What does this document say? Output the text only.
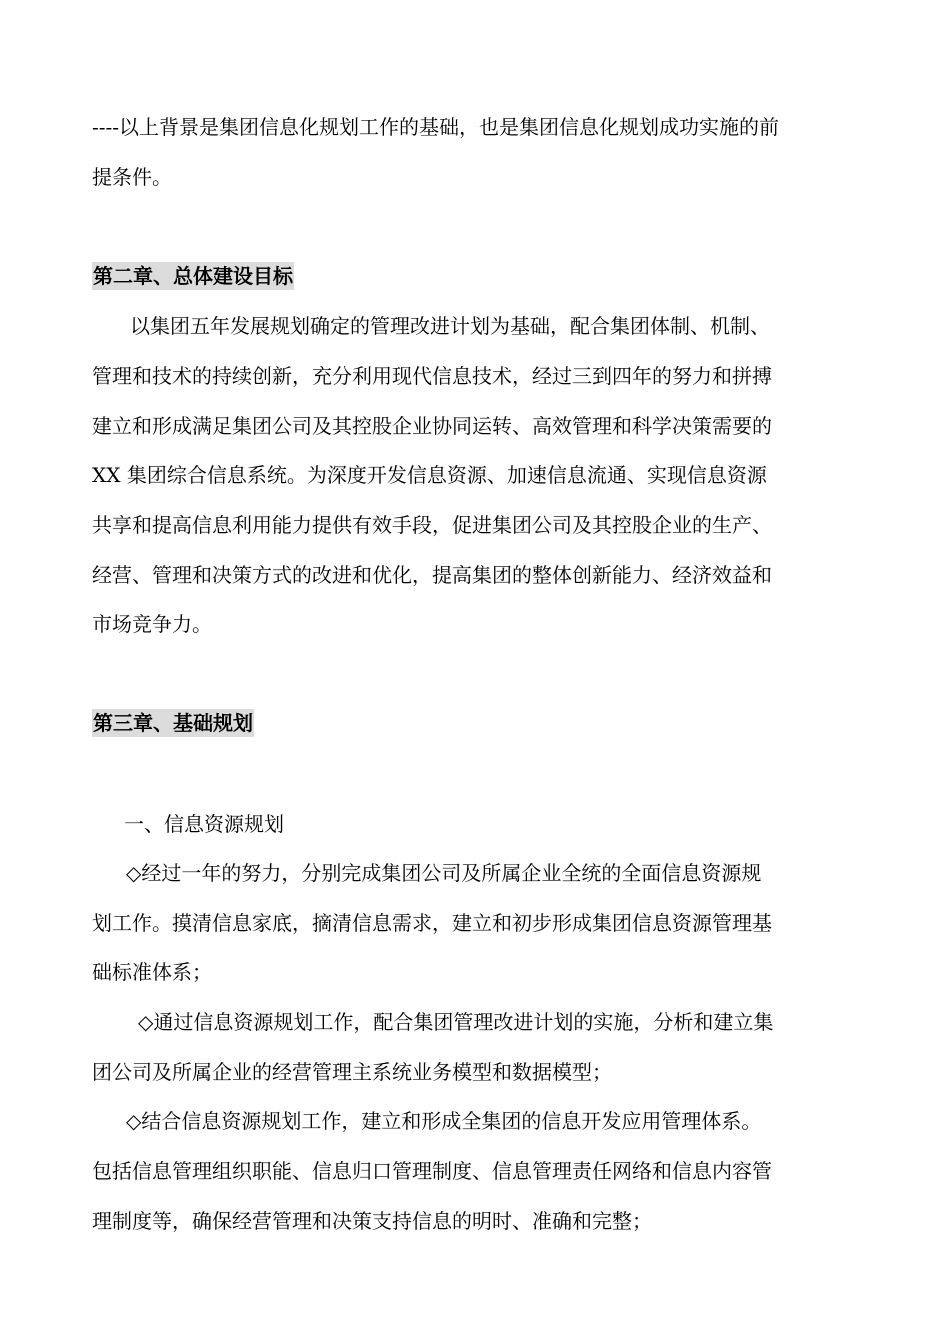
----以上背景是集团信息化规划工作的基础，也是集团信息化规划成功实施的前
提条件。
第二章、总体建设目标
以集团五年发展规划确定的管理改进计划为基础，配合集团体制、机制、
管理和技术的持续创新，充分利用现代信息技术，经过三到四年的努力和拼搏
建立和形成满足集团公司及其控股企业协同运转、高效管理和科学决策需要的
XX 集团综合信息系统。为深度开发信息资源、加速信息流通、实现信息资源
共享和提高信息利用能力提供有效手段，促进集团公司及其控股企业的生产、
经营、管理和决策方式的改进和优化，提高集团的整体创新能力、经济效益和
市场竞争力。
第三章、基础规划
一、信息资源规划
◇经过一年的努力，分别完成集团公司及所属企业全统的全面信息资源规
划工作。摸清信息家底，摘清信息需求，建立和初步形成集团信息资源管理基
础标准体系；
◇通过信息资源规划工作，配合集团管理改进计划的实施，分析和建立集
团公司及所属企业的经营管理主系统业务模型和数据模型；
◇结合信息资源规划工作，建立和形成全集团的信息开发应用管理体系。
包括信息管理组织职能、信息归口管理制度、信息管理责任网络和信息内容管
理制度等，确保经营管理和决策支持信息的明时、准确和完整；
